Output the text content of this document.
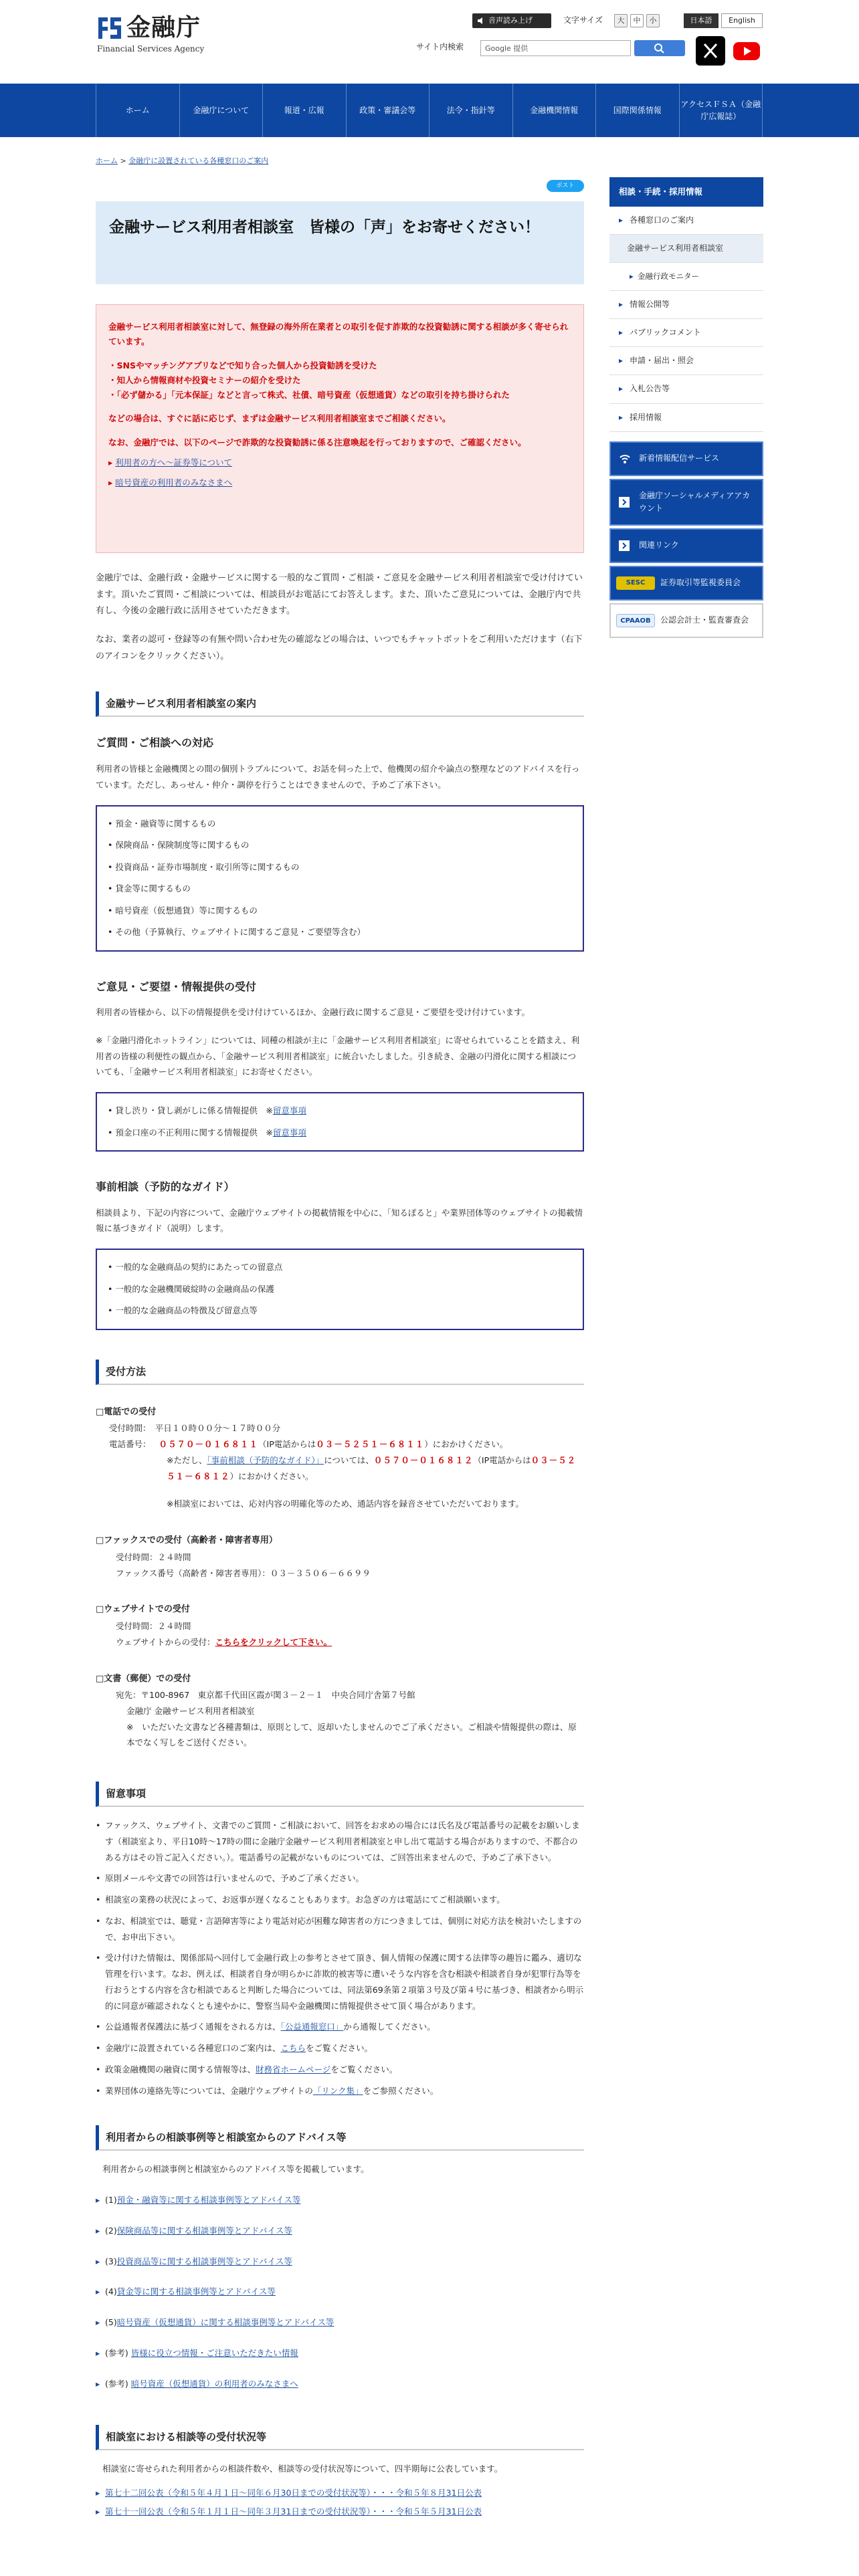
金融庁
Financial Services Agency
音声読み上げ	文字サイズ	大	中	小	日本語	English
サイト内検索	Google 提供
ホーム	金融庁について	報道・広報	政策・審議会等	法令・指針等	金融機関情報	国際関係情報
アクセスＦＳＡ（金融庁広報誌）
ホーム > 金融庁に設置されている各種窓口のご案内
ポスト
金融サービス利用者相談室　皆様の「声」をお寄せください！

金融サービス利用者相談室に対して、無登録の海外所在業者との取引を促す詐欺的な投資勧誘に関する相談が多く寄せられています。

・SNSやマッチングアプリなどで知り合った個人から投資勧誘を受けた
・知人から情報商材や投資セミナーの紹介を受けた
・「必ず儲かる」「元本保証」などと言って株式、社債、暗号資産（仮想通貨）などの取引を持ち掛けられた

などの場合は、すぐに話に応じず、まずは金融サービス利用者相談室までご相談ください。

なお、金融庁では、以下のページで詐欺的な投資勧誘に係る注意喚起を行っておりますので、ご確認ください。

▸ 利用者の方へ～証券等について
▸ 暗号資産の利用者のみなさまへ

金融庁では、金融行政・金融サービスに関する一般的なご質問・ご相談・ご意見を金融サービス利用者相談室で受け付けています。頂いたご質問・ご相談については、相談員がお電話にてお答えします。また、頂いたご意見については、金融庁内で共有し、今後の金融行政に活用させていただきます。

なお、業者の認可・登録等の有無や問い合わせ先の確認などの場合は、いつでもチャットボットをご利用いただけます（右下のアイコンをクリックください）。

金融サービス利用者相談室の案内
ご質問・ご相談への対応

利用者の皆様と金融機関との間の個別トラブルについて、お話を伺った上で、他機関の紹介や論点の整理などのアドバイスを行っています。ただし、あっせん・仲介・調停を行うことはできませんので、予めご了承下さい。

• 預金・融資等に関するもの
• 保険商品・保険制度等に関するもの
• 投資商品・証券市場制度・取引所等に関するもの
• 貸金等に関するもの
• 暗号資産（仮想通貨）等に関するもの
• その他（予算執行、ウェブサイトに関するご意見・ご要望等含む）
ご意見・ご要望・情報提供の受付

利用者の皆様から、以下の情報提供を受け付けているほか、金融行政に関するご意見・ご要望を受け付けています。

※「金融円滑化ホットライン」については、同種の相談が主に「金融サービス利用者相談室」に寄せられていることを踏まえ、利用者の皆様の利便性の観点から、「金融サービス利用者相談室」に統合いたしました。引き続き、金融の円滑化に関する相談についても、「金融サービス利用者相談室」にお寄せください。

• 貸し渋り・貸し剥がしに係る情報提供　※留意事項
• 預金口座の不正利用に関する情報提供　※留意事項
事前相談（予防的なガイド）

相談員より、下記の内容について、金融庁ウェブサイトの掲載情報を中心に、「知るぽると」や業界団体等のウェブサイトの掲載情報に基づきガイド（説明）します。

• 一般的な金融商品の契約にあたっての留意点
• 一般的な金融機関破綻時の金融商品の保護
• 一般的な金融商品の特徴及び留意点等
受付方法
□電話での受付
受付時間：　平日１０時００分～１７時００分
電話番号： ０５７０－０１６８１１（IP電話からは０３－５２５１－６８１１）におかけください。
※ただし、「事前相談（予防的なガイド）」については、０５７０－０１６８１２（IP電話からは０３－５２５１－６８１２）におかけください。
※相談室においては、応対内容の明確化等のため、通話内容を録音させていただいております。
□ファックスでの受付（高齢者・障害者専用）
受付時間：２４時間
ファックス番号（高齢者・障害者専用）：０３－３５０６－６６９９
□ウェブサイトでの受付
受付時間：２４時間
ウェブサイトからの受付：こちらをクリックして下さい。
□文書（郵便）での受付
宛先：〒100-8967　東京都千代田区霞が関３－２－１　中央合同庁舎第７号館
金融庁 金融サービス利用者相談室
※　いただいた文書など各種書類は、原則として、返却いたしませんのでご了承ください。ご相談や情報提供の際は、原本でなく写しをご送付ください。
留意事項
• ファックス、ウェブサイト、文書でのご質問・ご相談において、回答をお求めの場合には氏名及び電話番号の記載をお願いします（相談室より、平日10時～17時の間に金融庁金融サービス利用者相談室と申し出て電話する場合がありますので、不都合のある方はその旨ご記入ください。）。電話番号の記載がないものについては、ご回答出来ませんので、予めご了承下さい。
• 原則メールや文書での回答は行いませんので、予めご了承ください。
• 相談室の業務の状況によって、お返事が遅くなることもあります。お急ぎの方は電話にてご相談願います。
• なお、相談室では、聴覚・言語障害等により電話対応が困難な障害者の方につきましては、個別に対応方法を検討いたしますので、お申出下さい。
• 受け付けた情報は、関係部局へ回付して金融行政上の参考とさせて頂き、個人情報の保護に関する法律等の趣旨に鑑み、適切な管理を行います。なお、例えば、相談者自身が明らかに詐欺的被害等に遭いそうな内容を含む相談や相談者自身が犯罪行為等を行おうとする内容を含む相談であると判断した場合については、同法第69条第２項第３号及び第４号に基づき、相談者から明示的に同意が確認されなくとも速やかに、警察当局や金融機関に情報提供させて頂く場合があります。
• 公益通報者保護法に基づく通報をされる方は、「公益通報窓口」から通報してください。
• 金融庁に設置されている各種窓口のご案内は、こちらをご覧ください。
• 政策金融機関の融資に関する情報等は、財務省ホームページをご覧ください。
• 業界団体の連絡先等については、金融庁ウェブサイトの「リンク集」をご参照ください。
利用者からの相談事例等と相談室からのアドバイス等

利用者からの相談事例と相談室からのアドバイス等を掲載しています。

▸ (1)預金・融資等に関する相談事例等とアドバイス等
▸ (2)保険商品等に関する相談事例等とアドバイス等
▸ (3)投資商品等に関する相談事例等とアドバイス等
▸ (4)貸金等に関する相談事例等とアドバイス等
▸ (5)暗号資産（仮想通貨）に関する相談事例等とアドバイス等
▸ (参考) 皆様に役立つ情報・ご注意いただきたい情報
▸ (参考) 暗号資産（仮想通貨）の利用者のみなさまへ
相談室における相談等の受付状況等

相談室に寄せられた利用者からの相談件数や、相談等の受付状況等について、四半期毎に公表しています。

▸ 第七十二回公表（令和５年４月１日～同年６月30日までの受付状況等）・・・令和５年８月31日公表
▸ 第七十一回公表（令和５年１月１日～同年３月31日までの受付状況等）・・・令和５年５月31日公表
相談・手続・採用情報
▸ 各種窓口のご案内
金融サービス利用者相談室
▸ 金融行政モニター
▸ 情報公開等
▸ パブリックコメント
▸ 申請・届出・照会
▸ 入札公告等
▸ 採用情報
新着情報配信サービス
金融庁ソーシャルメディアアカウント
関連リンク
SESC	証券取引等監視委員会
CPAAOB	公認会計士・監査審査会
